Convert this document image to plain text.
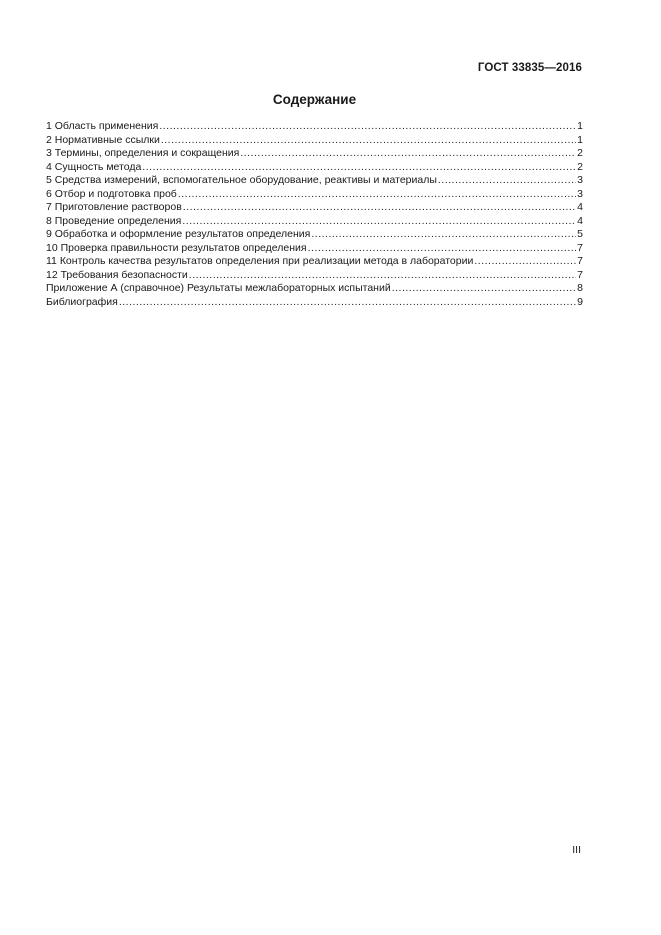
ГОСТ 33835—2016
Содержание
1 Область применения .....	1
2 Нормативные ссылки .....	1
3 Термины, определения и сокращения .....	2
4 Сущность метода .....	2
5 Средства измерений, вспомогательное оборудование, реактивы и материалы .....	3
6 Отбор и подготовка проб .....	3
7 Приготовление растворов .....	4
8 Проведение определения .....	4
9 Обработка и оформление результатов определения .....	5
10 Проверка правильности результатов определения .....	7
11 Контроль качества результатов определения при реализации метода в лаборатории .....	7
12 Требования безопасности .....	7
Приложение А (справочное) Результаты межлабораторных испытаний .....	8
Библиография .....	9
III
